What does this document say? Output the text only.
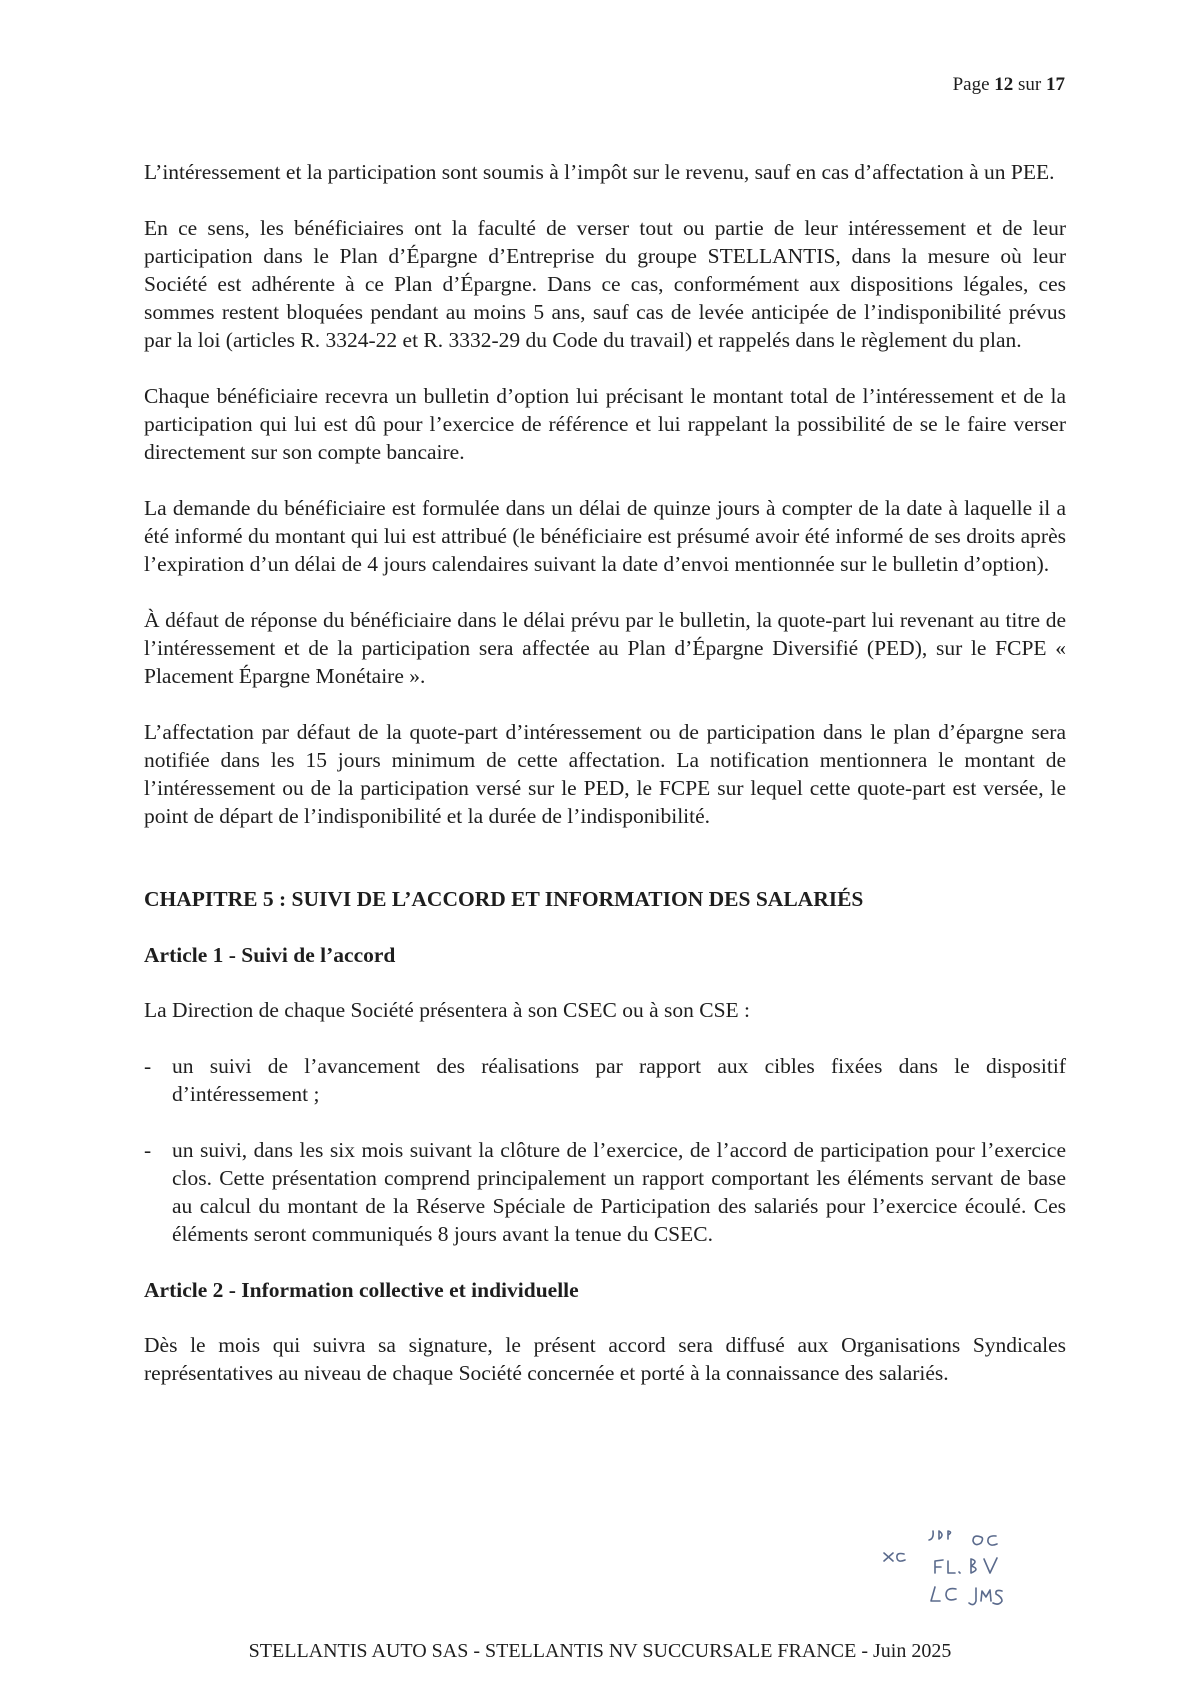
Page 12 sur 17

L’intéressement et la participation sont soumis à l’impôt sur le revenu, sauf en cas d’affectation à un PEE.

En ce sens, les bénéficiaires ont la faculté de verser tout ou partie de leur intéressement et de leur participation dans le Plan d’Épargne d’Entreprise du groupe STELLANTIS, dans la mesure où leur Société est adhérente à ce Plan d’Épargne. Dans ce cas, conformément aux dispositions légales, ces sommes restent bloquées pendant au moins 5 ans, sauf cas de levée anticipée de l’indisponibilité prévus par la loi (articles R. 3324-22 et R. 3332-29 du Code du travail) et rappelés dans le règlement du plan.

Chaque bénéficiaire recevra un bulletin d’option lui précisant le montant total de l’intéressement et de la participation qui lui est dû pour l’exercice de référence et lui rappelant la possibilité de se le faire verser directement sur son compte bancaire.

La demande du bénéficiaire est formulée dans un délai de quinze jours à compter de la date à laquelle il a été informé du montant qui lui est attribué (le bénéficiaire est présumé avoir été informé de ses droits après l’expiration d’un délai de 4 jours calendaires suivant la date d’envoi mentionnée sur le bulletin d’option).

À défaut de réponse du bénéficiaire dans le délai prévu par le bulletin, la quote-part lui revenant au titre de l’intéressement et de la participation sera affectée au Plan d’Épargne Diversifié (PED), sur le FCPE « Placement Épargne Monétaire ».

L’affectation par défaut de la quote-part d’intéressement ou de participation dans le plan d’épargne sera notifiée dans les 15 jours minimum de cette affectation. La notification mentionnera le montant de l’intéressement ou de la participation versé sur le PED, le FCPE sur lequel cette quote-part est versée, le point de départ de l’indisponibilité et la durée de l’indisponibilité.

CHAPITRE 5 : SUIVI DE L’ACCORD ET INFORMATION DES SALARIÉS
Article 1 - Suivi de l’accord

La Direction de chaque Société présentera à son CSEC ou à son CSE :

- un suivi de l’avancement des réalisations par rapport aux cibles fixées dans le dispositif d’intéressement ;
- un suivi, dans les six mois suivant la clôture de l’exercice, de l’accord de participation pour l’exercice clos. Cette présentation comprend principalement un rapport comportant les éléments servant de base au calcul du montant de la Réserve Spéciale de Participation des salariés pour l’exercice écoulé. Ces éléments seront communiqués 8 jours avant la tenue du CSEC.
Article 2 - Information collective et individuelle

Dès le mois qui suivra sa signature, le présent accord sera diffusé aux Organisations Syndicales représentatives au niveau de chaque Société concernée et porté à la connaissance des salariés.

STELLANTIS AUTO SAS - STELLANTIS NV SUCCURSALE FRANCE - Juin 2025
